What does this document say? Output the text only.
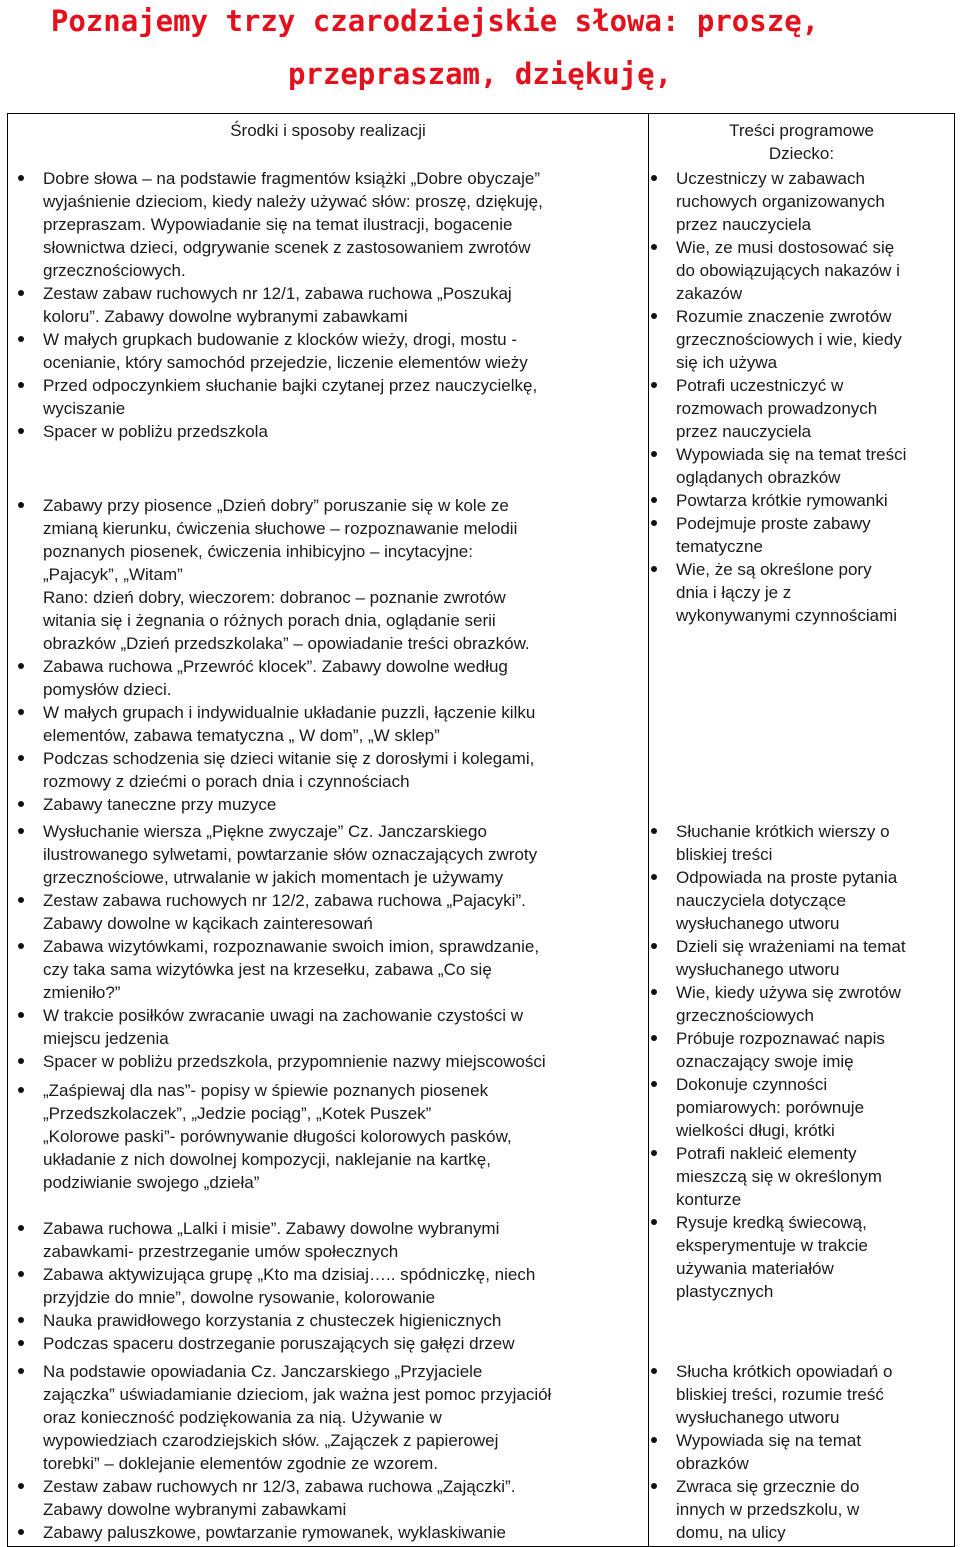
Poznajemy trzy czarodziejskie słowa: proszę,
przepraszam, dziękuję,
Środki i sposoby realizacji	Treści programowe
Dziecko:
Dobre słowa – na podstawie fragmentów książki „Dobre obyczaje”
wyjaśnienie dzieciom, kiedy należy używać słów: proszę, dziękuję,
przepraszam. Wypowiadanie się na temat ilustracji, bogacenie
słownictwa dzieci, odgrywanie scenek z zastosowaniem zwrotów
grzecznościowych.
Zestaw zabaw ruchowych nr 12/1, zabawa ruchowa „Poszukaj
koloru”. Zabawy dowolne wybranymi zabawkami
W małych grupkach budowanie z klocków wieży, drogi, mostu -
ocenianie, który samochód przejedzie, liczenie elementów wieży
Przed odpoczynkiem słuchanie bajki czytanej przez nauczycielkę,
wyciszanie
Spacer w pobliżu przedszkola
Zabawy przy piosence „Dzień dobry” poruszanie się w kole ze
zmianą kierunku, ćwiczenia słuchowe – rozpoznawanie melodii
poznanych piosenek, ćwiczenia inhibicyjno – incytacyjne:
„Pajacyk”, „Witam”
Rano: dzień dobry, wieczorem: dobranoc – poznanie zwrotów
witania się i żegnania o różnych porach dnia, oglądanie serii
obrazków „Dzień przedszkolaka” – opowiadanie treści obrazków.
Zabawa ruchowa „Przewróć klocek”. Zabawy dowolne według
pomysłów dzieci.
W małych grupach i indywidualnie układanie puzzli, łączenie kilku
elementów, zabawa tematyczna „ W dom”, „W sklep”
Podczas schodzenia się dzieci witanie się z dorosłymi i kolegami,
rozmowy z dziećmi o porach dnia i czynnościach
Zabawy taneczne przy muzyce
Wysłuchanie wiersza „Piękne zwyczaje” Cz. Janczarskiego
ilustrowanego sylwetami, powtarzanie słów oznaczających zwroty
grzecznościowe, utrwalanie w jakich momentach je używamy
Zestaw zabawa ruchowych nr 12/2, zabawa ruchowa „Pajacyki”.
Zabawy dowolne w kącikach zainteresowań
Zabawa wizytówkami, rozpoznawanie swoich imion, sprawdzanie,
czy taka sama wizytówka jest na krzesełku, zabawa „Co się
zmieniło?”
W trakcie posiłków zwracanie uwagi na zachowanie czystości w
miejscu jedzenia
Spacer w pobliżu przedszkola, przypomnienie nazwy miejscowości
„Zaśpiewaj dla nas”- popisy w śpiewie poznanych piosenek
„Przedszkolaczek”, „Jedzie pociąg”, „Kotek Puszek”
„Kolorowe paski”- porównywanie długości kolorowych pasków,
układanie z nich dowolnej kompozycji, naklejanie na kartkę,
podziwianie swojego „dzieła”
Zabawa ruchowa „Lalki i misie”. Zabawy dowolne wybranymi
zabawkami- przestrzeganie umów społecznych
Zabawa aktywizująca grupę „Kto ma dzisiaj….. spódniczkę, niech
przyjdzie do mnie”, dowolne rysowanie, kolorowanie
Nauka prawidłowego korzystania z chusteczek higienicznych
Podczas spaceru dostrzeganie poruszających się gałęzi drzew
Na podstawie opowiadania Cz. Janczarskiego „Przyjaciele
zajączka” uświadamianie dzieciom, jak ważna jest pomoc przyjaciół
oraz konieczność podziękowania za nią. Używanie w
wypowiedziach czarodziejskich słów. „Zajączek z papierowej
torebki” – doklejanie elementów zgodnie ze wzorem.
Zestaw zabaw ruchowych nr 12/3, zabawa ruchowa „Zajączki”.
Zabawy dowolne wybranymi zabawkami
Zabawy paluszkowe, powtarzanie rymowanek, wyklaskiwanie
Uczestniczy w zabawach
ruchowych organizowanych
przez nauczyciela
Wie, ze musi dostosować się
do obowiązujących nakazów i
zakazów
Rozumie znaczenie zwrotów
grzecznościowych i wie, kiedy
się ich używa
Potrafi uczestniczyć w
rozmowach prowadzonych
przez nauczyciela
Wypowiada się na temat treści
oglądanych obrazków
Powtarza krótkie rymowanki
Podejmuje proste zabawy
tematyczne
Wie, że są określone pory
dnia i łączy je z
wykonywanymi czynnościami
Słuchanie krótkich wierszy o
bliskiej treści
Odpowiada na proste pytania
nauczyciela dotyczące
wysłuchanego utworu
Dzieli się wrażeniami na temat
wysłuchanego utworu
Wie, kiedy używa się zwrotów
grzecznościowych
Próbuje rozpoznawać napis
oznaczający swoje imię
Dokonuje czynności
pomiarowych: porównuje
wielkości długi, krótki
Potrafi nakleić elementy
mieszczą się w określonym
konturze
Rysuje kredką świecową,
eksperymentuje w trakcie
używania materiałów
plastycznych
Słucha krótkich opowiadań o
bliskiej treści, rozumie treść
wysłuchanego utworu
Wypowiada się na temat
obrazków
Zwraca się grzecznie do
innych w przedszkolu, w
domu, na ulicy
